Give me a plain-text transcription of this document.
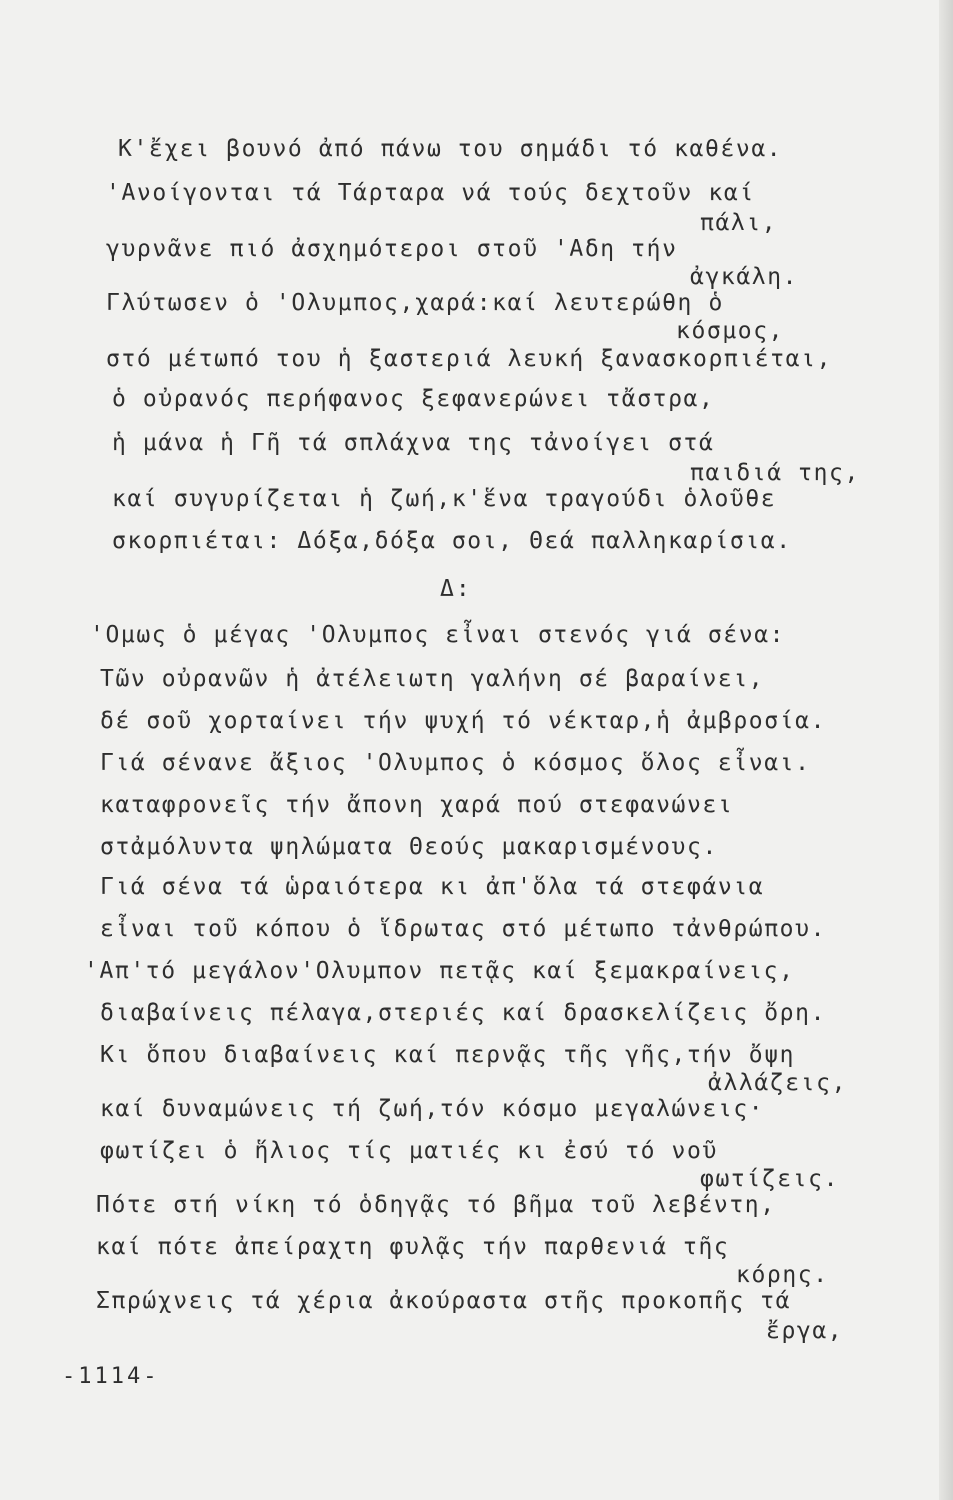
Κ'ἔχει βουνό ἀπό πάνω του σημάδι τό καθένα.
'Ανοίγονται τά Τάρταρα νά τούς δεχτοῦν καί
πάλι,
γυρνᾶνε πιό ἀσχημότεροι στοῦ 'Αδη τήν
ἀγκάλη.
Γλύτωσεν ὁ 'Ολυμπος,χαρά:καί λευτερώθη ὁ
κόσμος,
στό μέτωπό του ἡ ξαστεριά λευκή ξανασκορπιέται,
ὁ οὐρανός περήφανος ξεφανερώνει τἄστρα,
ἡ μάνα ἡ Γῆ τά σπλάχνα της τἀνοίγει στά
παιδιά της,
καί συγυρίζεται ἡ ζωή,κ'ἕνα τραγούδι ὁλοῦθε
σκορπιέται: Δόξα,δόξα σοι, Θεά παλληκαρίσια.
Δ:
'Ομως ὁ μέγας 'Ολυμπος εἶναι στενός γιά σένα:
Τῶν οὐρανῶν ἡ ἀτέλειωτη γαλήνη σέ βαραίνει,
δέ σοῦ χορταίνει τήν ψυχή τό νέκταρ,ἡ ἀμβροσία.
Γιά σένανε ἄξιος 'Ολυμπος ὁ κόσμος ὅλος εἶναι.
καταφρονεῖς τήν ἄπονη χαρά πού στεφανώνει
στἀμόλυντα ψηλώματα Θεούς μακαρισμένους.
Γιά σένα τά ὡραιότερα κι ἀπ'ὅλα τά στεφάνια
εἶναι τοῦ κόπου ὁ ἵδρωτας στό μέτωπο τἀνθρώπου.
'Απ'τό μεγάλον'Ολυμπον πετᾷς καί ξεμακραίνεις,
διαβαίνεις πέλαγα,στεριές καί δρασκελίζεις ὄρη.
Κι ὅπου διαβαίνεις καί περνᾷς τῆς γῆς,τήν ὄψη
ἀλλάζεις,
καί δυναμώνεις τή ζωή,τόν κόσμο μεγαλώνεις·
φωτίζει ὁ ἥλιος τίς ματιές κι ἐσύ τό νοῦ
φωτίζεις.
Πότε στή νίκη τό ὁδηγᾷς τό βῆμα τοῦ λεβέντη,
καί πότε ἀπείραχτη φυλᾷς τήν παρθενιά τῆς
κόρης.
Σπρώχνεις τά χέρια ἀκούραστα στῆς προκοπῆς τά
ἔργα,
-1114-
